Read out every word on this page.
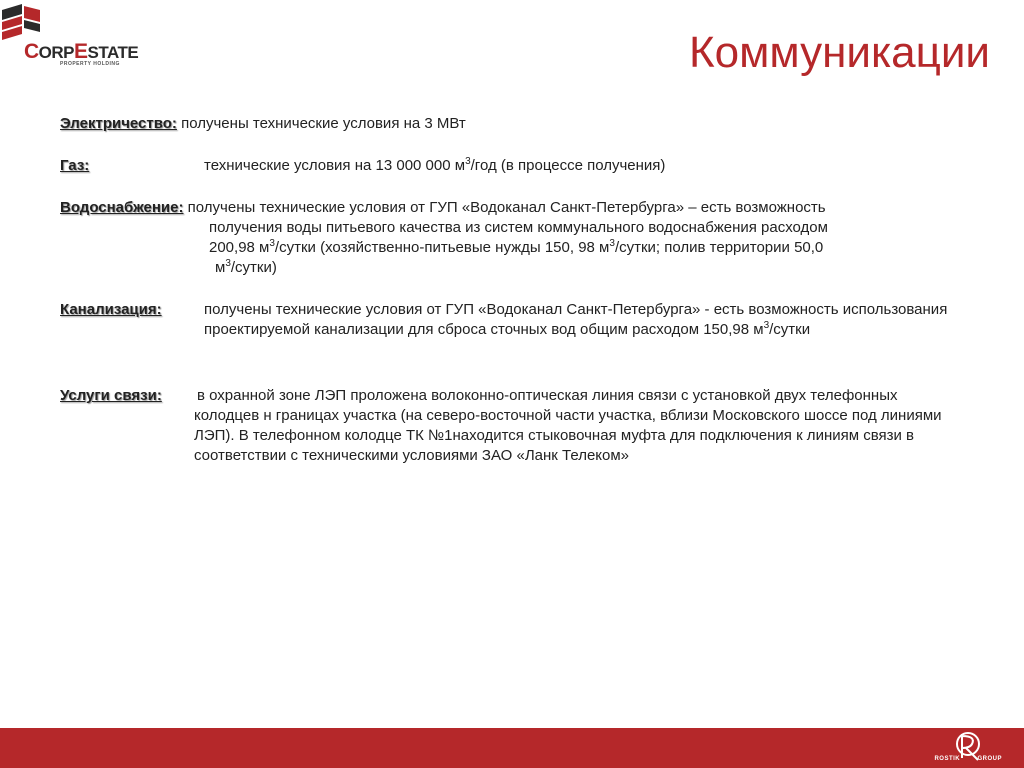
CORPESTATE
PROPERTY HOLDING	Коммуникации
Электричество: получены технические условия на 3 МВт
Газ:	технические условия на 13 000 000 $м^3$/год (в процессе получения)
Водоснабжение: получены технические условия от ГУП «Водоканал Санкт-Петербурга» – есть возможность
получения воды питьевого качества из систем коммунального водоснабжения расходом
200,98 $м^3$/сутки (хозяйственно-питьевые нужды 150, 98 $м^3$/сутки; полив территории 50,0
$м^3/сутки$)
Канализация:	получены технические условия от ГУП «Водоканал Санкт-Петербурга» - есть возможность использования проектируемой канализации для сброса сточных вод общим расходом 150,98 $м^3$/сутки
Услуги связи: в охранной зоне ЛЭП проложена волоконно-оптическая линия связи с установкой двух телефонных колодцев н границах участка (на северо-восточной части участка, вблизи Московского шоссе под линиями ЛЭП). В телефонном колодце ТК №1находится стыковочная муфта для подключения к линиям связи в соответствии с техническими условиями ЗАО «Ланк Телеком»
ROSTIK	GROUP
